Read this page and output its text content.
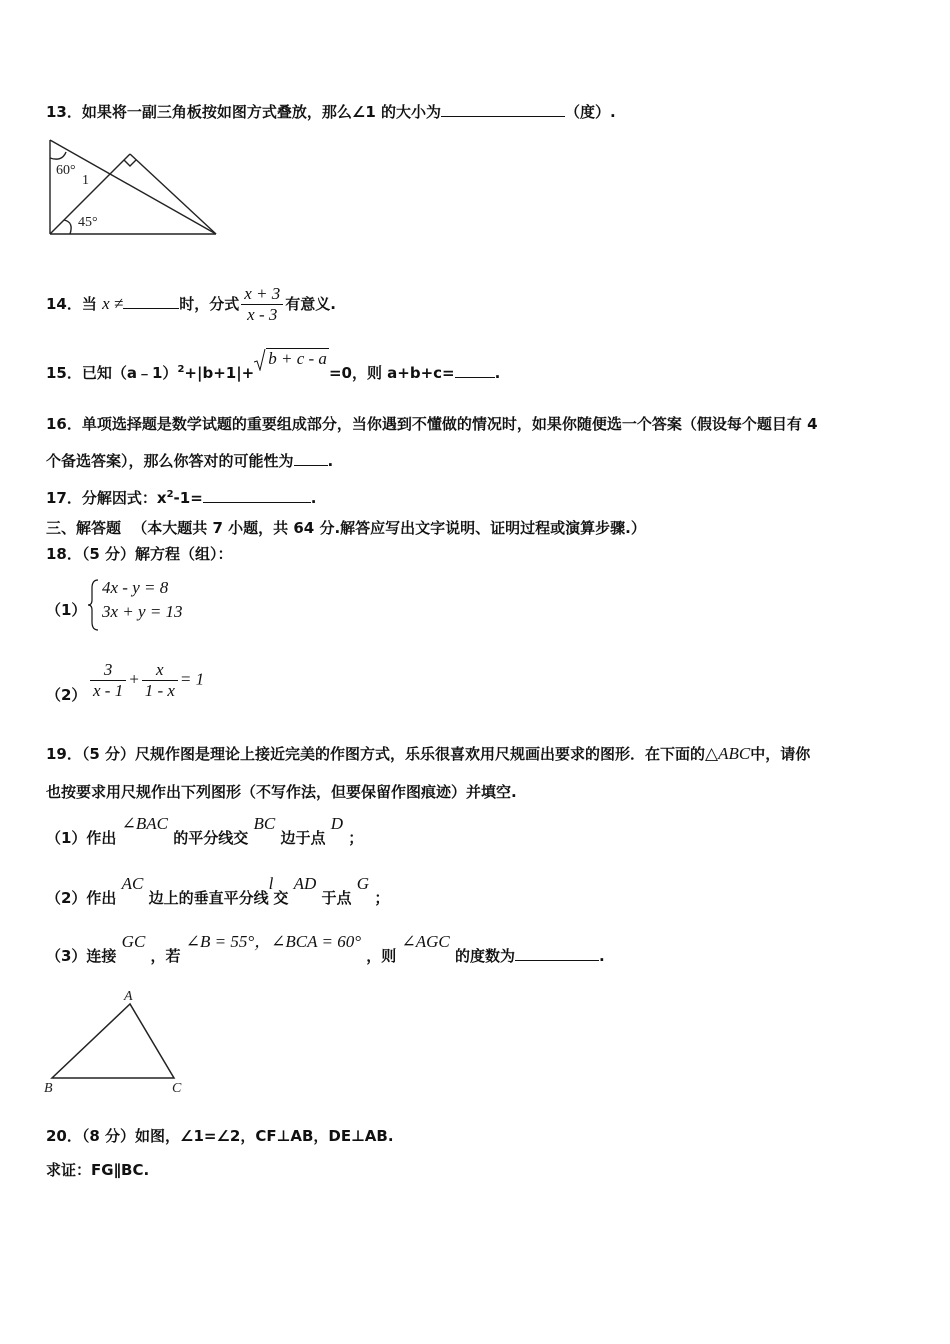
13．如果将一副三角板按如图方式叠放，那么∠1 的大小为	（度）.
60°
1
45°
14．当 x ≠	时，分式 $\frac{x + 3}{x - 3}$ 有意义.
15．已知（a﹣1）$^2$+|b+1|+
b + c - a=0，则 a+b+c=	.
16．单项选择题是数学试题的重要组成部分，当你遇到不懂做的情况时，如果你随便选一个答案（假设每个题目有 4
个备选答案），那么你答对的可能性为 .
17．分解因式：$x^2-1=$	.
三、解答题 （本大题共 7 小题，共 64 分.解答应写出文字说明、证明过程或演算步骤.）
18．（5 分）解方程（组）：
（1）
4x - y = 8
3x + y = 13
$(2) \frac{3}{x - 1} + \frac{x}{1 - x} = 1$
19．（5 分）尺规作图是理论上接近完美的作图方式，乐乐很喜欢用尺规画出要求的图形．在下面的△ABC中，请你
也按要求用尺规作出下列图形（不写作法，但要保留作图痕迹）并填空.
（1）作出 ∠BAC 的平分线交 BC 边于点 D ；
（2）作出 AC 边上的垂直平分线l交 AD 于点 G ；
（3）连接 GC ，若 ∠B = 55°，∠BCA = 60° ，则 ∠AGC 的度数为	.
A
B	C
20．（8 分）如图，∠1=∠2，CF⊥AB，DE⊥AB.
求证：FG∥BC.
